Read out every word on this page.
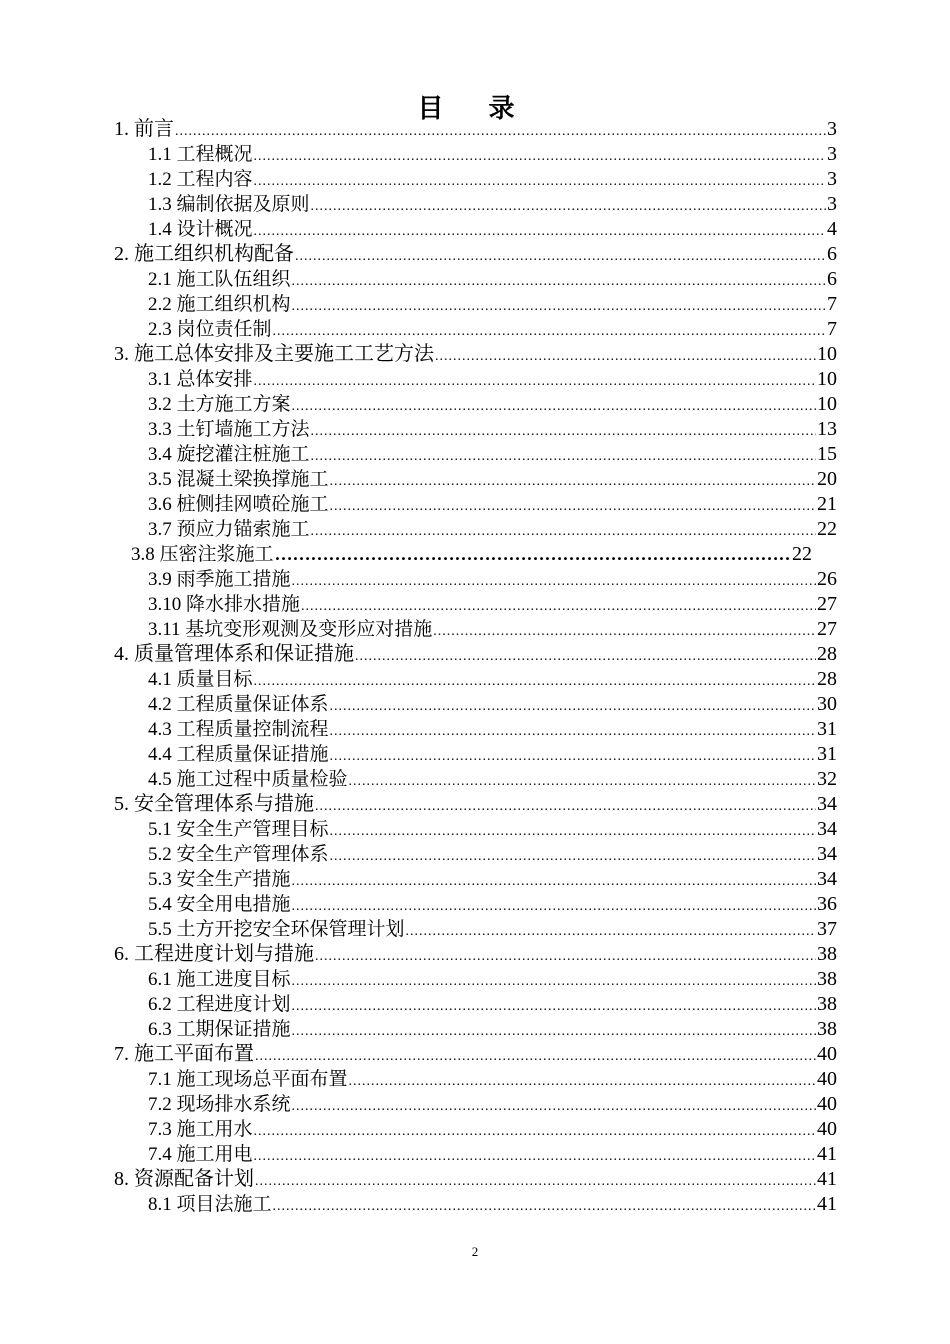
目 录
1. 前言 .....	3
1.1 工程概况 .....	3
1.2 工程内容 .....	3
1.3 编制依据及原则 .....	3
1.4 设计概况 .....	4
2. 施工组织机构配备 .....	6
2.1 施工队伍组织 .....	6
2.2 施工组织机构 .....	7
2.3 岗位责任制 .....	7
3. 施工总体安排及主要施工工艺方法 .....	10
3.1 总体安排 .....	10
3.2 土方施工方案 .....	10
3.3 土钉墙施工方法 .....	13
3.4 旋挖灌注桩施工 .....	15
3.5 混凝土梁换撑施工 .....	20
3.6 桩侧挂网喷砼施工 .....	21
3.7 预应力锚索施工 .....	22
3.8 压密注浆施工 ………………………………………………………………………………………………………………………………………………	22
3.9 雨季施工措施 .....	26
3.10 降水排水措施 .....	27
3.11 基坑变形观测及变形应对措施 .....	27
4. 质量管理体系和保证措施 .....	28
4.1 质量目标 .....	28
4.2 工程质量保证体系 .....	30
4.3 工程质量控制流程 .....	31
4.4 工程质量保证措施 .....	31
4.5 施工过程中质量检验 .....	32
5. 安全管理体系与措施 .....	34
5.1 安全生产管理目标 .....	34
5.2 安全生产管理体系 .....	34
5.3 安全生产措施 .....	34
5.4 安全用电措施 .....	36
5.5 土方开挖安全环保管理计划 .....	37
6. 工程进度计划与措施 .....	38
6.1 施工进度目标 .....	38
6.2 工程进度计划 .....	38
6.3 工期保证措施 .....	38
7. 施工平面布置 .....	40
7.1 施工现场总平面布置 .....	40
7.2 现场排水系统 .....	40
7.3 施工用水 .....	40
7.4 施工用电 .....	41
8. 资源配备计划 .....	41
8.1 项目法施工 .....	41
2
